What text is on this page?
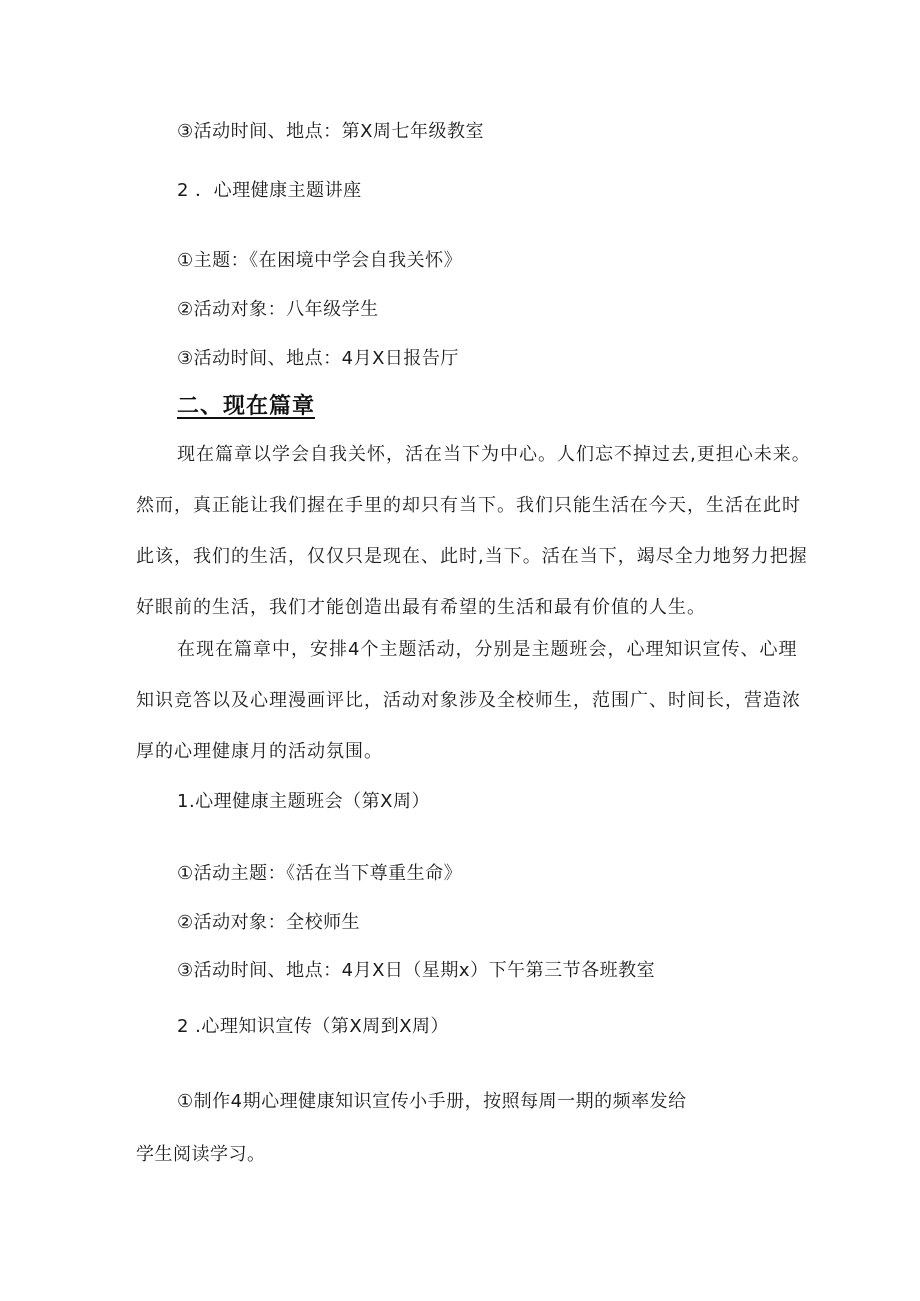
③活动时间、地点：第X周七年级教室
2 ．心理健康主题讲座
①主题：《在困境中学会自我关怀》
②活动对象：八年级学生
③活动时间、地点：4月X日报告厅
二、现在篇章
现在篇章以学会自我关怀，活在当下为中心。人们忘不掉过去,更担心未来。
然而，真正能让我们握在手里的却只有当下。我们只能生活在今天，生活在此时
此该，我们的生活，仅仅只是现在、此时,当下。活在当下，竭尽全力地努力把握
好眼前的生活，我们才能创造出最有希望的生活和最有价值的人生。
在现在篇章中，安排4个主题活动，分别是主题班会，心理知识宣传、心理
知识竞答以及心理漫画评比，活动对象涉及全校师生，范围广、时间长，营造浓
厚的心理健康月的活动氛围。
1.心理健康主题班会（第X周）
①活动主题：《活在当下尊重生命》
②活动对象：全校师生
③活动时间、地点：4月X日（星期x）下午第三节各班教室
2 .心理知识宣传（第X周到X周）
①制作4期心理健康知识宣传小手册，按照每周一期的频率发给
学生阅读学习。
